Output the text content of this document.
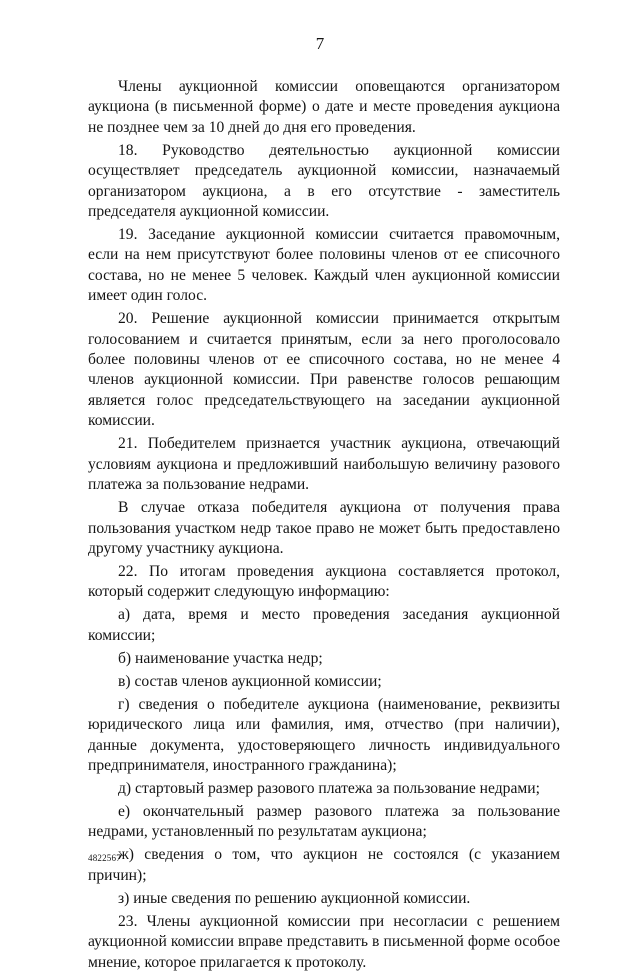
7

Члены аукционной комиссии оповещаются организатором аукциона (в письменной форме) о дате и месте проведения аукциона не позднее чем за 10 дней до дня его проведения.

18. Руководство деятельностью аукционной комиссии осуществляет председатель аукционной комиссии, назначаемый организатором аукциона, а в его отсутствие - заместитель председателя аукционной комиссии.

19. Заседание аукционной комиссии считается правомочным, если на нем присутствуют более половины членов от ее списочного состава, но не менее 5 человек. Каждый член аукционной комиссии имеет один голос.

20. Решение аукционной комиссии принимается открытым голосованием и считается принятым, если за него проголосовало более половины членов от ее списочного состава, но не менее 4 членов аукционной комиссии. При равенстве голосов решающим является голос председательствующего на заседании аукционной комиссии.

21. Победителем признается участник аукциона, отвечающий условиям аукциона и предложивший наибольшую величину разового платежа за пользование недрами.

В случае отказа победителя аукциона от получения права пользования участком недр такое право не может быть предоставлено другому участнику аукциона.

22. По итогам проведения аукциона составляется протокол, который содержит следующую информацию:

а) дата, время и место проведения заседания аукционной комиссии;

б) наименование участка недр;

в) состав членов аукционной комиссии;

г) сведения о победителе аукциона (наименование, реквизиты юридического лица или фамилия, имя, отчество (при наличии), данные документа, удостоверяющего личность индивидуального предпринимателя, иностранного гражданина);

д) стартовый размер разового платежа за пользование недрами;

е) окончательный размер разового платежа за пользование недрами, установленный по результатам аукциона;

ж) сведения о том, что аукцион не состоялся (с указанием причин);

з) иные сведения по решению аукционной комиссии.

23. Члены аукционной комиссии при несогласии с решением аукционной комиссии вправе представить в письменной форме особое мнение, которое прилагается к протоколу.

4822567
